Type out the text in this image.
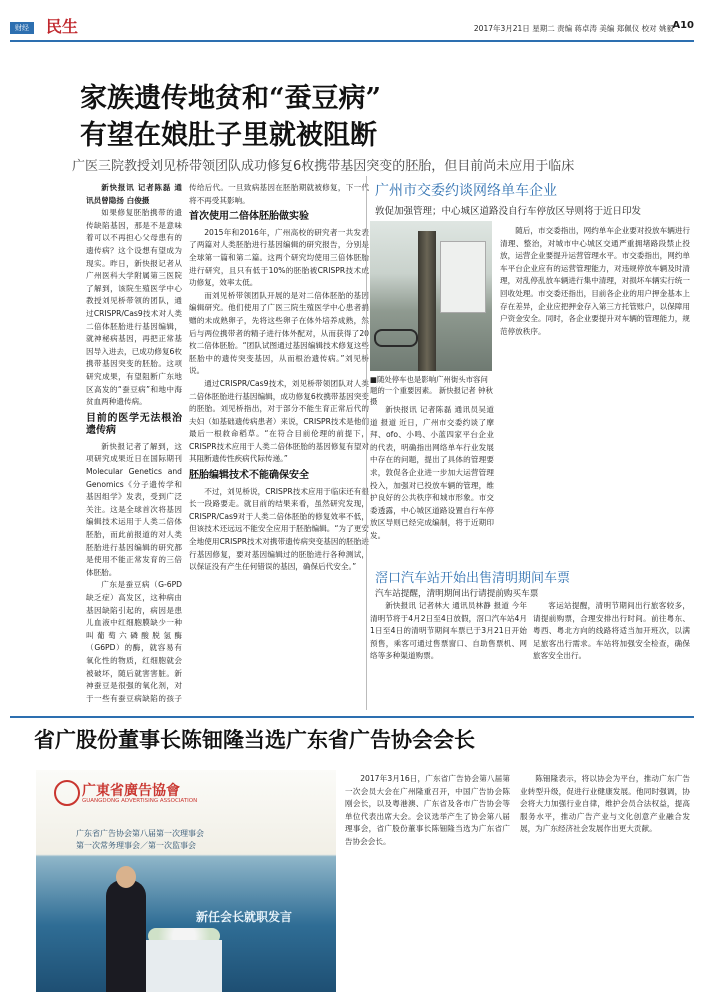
财经	民生	2017年3月21日 星期二 责编 蒋卓涛 美编 郑佩仪 校对 姚毅
A10
家族遗传地贫和“蚕豆病”
有望在娘肚子里就被阻断
广医三院教授刘见桥带领团队成功修复6枚携带基因突变的胚胎，但目前尚未应用于临床

新快报讯 记者陈磊 通讯员曾隐扬 白俊摄

如果修复胚胎携带的遗传缺陷基因，那是不是意味着可以不再担心父母患有的遗传病？这个设想有望成为现实。昨日，新快报记者从广州医科大学附属第三医院了解到，该院生殖医学中心教授刘见桥带领的团队，通过CRISPR/Cas9技术对人类二倍体胚胎进行基因编辑，就神秘病基因，再把正常基因导入进去，已成功修复6枚携带基因突变的胚胎。这项研究成果，有望阻断广东地区高发的“蚕豆病”和地中海贫血两种遗传病。

目前的医学无法根治遗传病

新快报记者了解到，这项研究成果近日在国际期刊Molecular Genetics and Genomics《分子遗传学和基因组学》发表，受到广泛关注。这是全球首次将基因编辑技术运用于人类二倍体胚胎，而此前报道的对人类胚胎进行基因编辑的研究都是使用不能正常发育的三倍体胚胎。

广东是蚕豆病（G-6PD缺乏症）高发区，这种病由基因缺陷引起的，病因是患儿血液中红细胞膜缺少一种叫葡萄六磷酸脱氢酶（G6PD）的酶，就容易有氧化性的物质，红细胞就会被破坏，随后就害害脏。新神蚕豆是很强的氧化剂，对于一些有蚕豆病缺陷的孩子

传给后代。一旦致病基因在胚胎期就被修复，下一代将不再受其影响。

首次使用二倍体胚胎做实验

2015年和2016年，广州高校的研究者一共发表了两篇对人类胚胎进行基因编辑的研究报告，分别是全球第一篇和第二篇。这两个研究均使用三倍体胚胎进行研究，且只有低于10%的胚胎被CRISPR技术成功修复，效率太低。

而刘见桥带领团队开展的是对二倍体胚胎的基因编辑研究。他们使用了广医三院生殖医学中心患者捐赠的未成熟卵子，先将这些卵子在体外培养成熟，然后与两位携带者的精子进行体外配对，从而获得了20枚二倍体胚胎。“团队试图通过基因编辑技术修复这些胚胎中的遗传突变基因，从而根治遗传病。”刘见桥说。

通过CRISPR/Cas9技术，刘见桥带领团队对人类二倍体胚胎进行基因编辑，成功修复6枚携带基因突变的胚胎。刘见桥指出，对于部分不能生育正常后代的夫妇（如基础遗传病患者）来说，CRISPR技术是他们最后一根救命稻草。“在符合目前伦理的前提下，CRISPR技术应用于人类二倍体胚胎的基因修复有望对其阻断遗传性疾病代际传递。”

胚胎编辑技术不能确保安全

不过，刘见桥说，CRISPR技术应用于临床还有很长一段路要走。就目前的结果来看，虽然研究发现，CRISPR/Cas9对于人类二倍体胚胎的修复效率不低，但该技术还远远不能安全应用于胚胎编辑。“为了更安全地使用CRISPR技术对携带遗传病突变基因的胚胎进行基因修复，要对基因编辑过的胚胎进行各种测试，以保证没有产生任何错误的基因，确保后代安全。”

广州市交委约谈网络单车企业
敦促加强管理；中心城区道路没自行车停放区导则将于近日印发
■随处停车也是影响广州街头市容问题的一个重要因素。 新快报记者 钟秋 摄

新快报讯 记者陈磊 通讯员吴道道 报道 近日，广州市交委约谈了摩拜、ofo、小鸣、小蓝四家平台企业的代表，明确指出网络单车行业发展中存在的问题，提出了具体的管理要求，敦促各企业进一步加大运营管理投入，加强对已投放车辆的管理，维护良好的公共秩序和城市形象。市交委透露，中心城区道路设置自行车停放区导则已经完成编制，将于近期印发。

随后，市交委指出，网约单车企业要对投放车辆进行清理、整治，对城市中心城区交通严重拥堵路段禁止投放，运营企业要提升运营管理水平。市交委指出，网约单车平台企业应有的运营管理能力，对违规停放车辆及时清理，对乱停乱放车辆进行集中清理，对损坏车辆实行统一回收处理。市交委还指出，目前各企业的用户押金基本上存在差异，企业应把押金存入第三方托管账户，以保障用户资金安全。同时，各企业要提升对车辆的管理能力，规范停放秩序。

滘口汽车站开始出售清明期间车票
汽车站提醒，清明期间出行请提前购买车票

新快报讯 记者林大 通讯员林静 报道 今年清明节将于4月2日至4日放假，滘口汽车站4月1日至4日的清明节期间车票已于3月21日开始预售，乘客可通过售票窗口、自助售票机、网络等多种渠道购票。

客运站提醒，清明节期间出行旅客较多，请提前购票，合理安排出行时间。前往粤东、粤西、粤北方向的线路将适当加开班次，以满足旅客出行需求。车站将加强安全检查，确保旅客安全出行。

省广股份董事长陈钿隆当选广东省广告协会会长
广東省廣告協會
GUANGDONG ADVERTISING ASSOCIATION
广东省广告协会第八届第一次理事会
第一次常务理事会／第一次监事会
新任会长就职发言

2017年3月16日，广东省广告协会第八届第一次会员大会在广州隆重召开，中国广告协会陈刚会长，以及粤港澳、广东省及各市广告协会等单位代表出席大会。会议选举产生了协会第八届理事会，省广股份董事长陈钿隆当选为广东省广告协会会长。

陈钿隆表示，将以协会为平台，推动广东广告业转型升级，促进行业健康发展。他同时强调，协会将大力加强行业自律，维护会员合法权益，提高服务水平，推动广告产业与文化创意产业融合发展，为广东经济社会发展作出更大贡献。
